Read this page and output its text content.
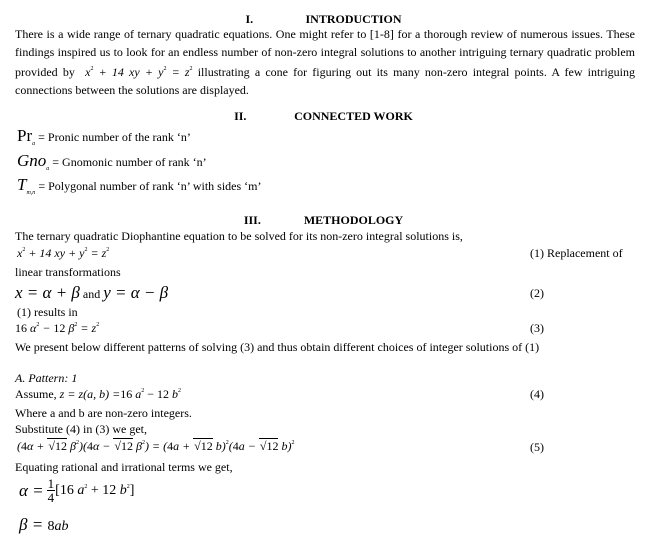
I.	INTRODUCTION
There is a wide range of ternary quadratic equations. One might refer to [1-8] for a thorough review of numerous issues. These findings inspired us to look for an endless number of non-zero integral solutions to another intriguing ternary quadratic problem provided by  $x^2 + 14$ xy + $y^2 = z^2$ illustrating a cone for figuring out its many non-zero integral points. A few intriguing connections between the solutions are displayed.
II.	CONNECTED WORK
$Pr_a$ = Pronic number of the rank ‘n’
Gno$_a$ = Gnomonic number of rank ‘n’
$T_{m,n}$ = Polygonal number of rank ‘n’ with sides ‘m’
III.	METHODOLOGY
The ternary quadratic Diophantine equation to be solved for its non-zero integral solutions is,
$x^2 + 14$ xy + $y^2 = z^2$	(1) Replacement of
linear transformations
x = α + β and y = α − β	(2)
(1) results in
16 $\alpha^2 - 12$ $\beta^2 = z^2$	(3)
We present below different patterns of solving (3) and thus obtain different choices of integer solutions of (1)
A. Pattern: 1
Assume, z = z(a, b) =16 $a^2 - 12$ $b^2$	(4)
Where a and b are non-zero integers.
Substitute (4) in (3) we get,
(4α + √12 $\beta^2)(4\alpha - √12$ $\beta^2) = (4a + √12$ b)$^2$(4a − √12 b)$^2$	(5)
Equating rational and irrational terms we get,
$\alpha = \frac{1}{4} [16$ $a^2 + 12$ $b^2$]
β = 8ab
